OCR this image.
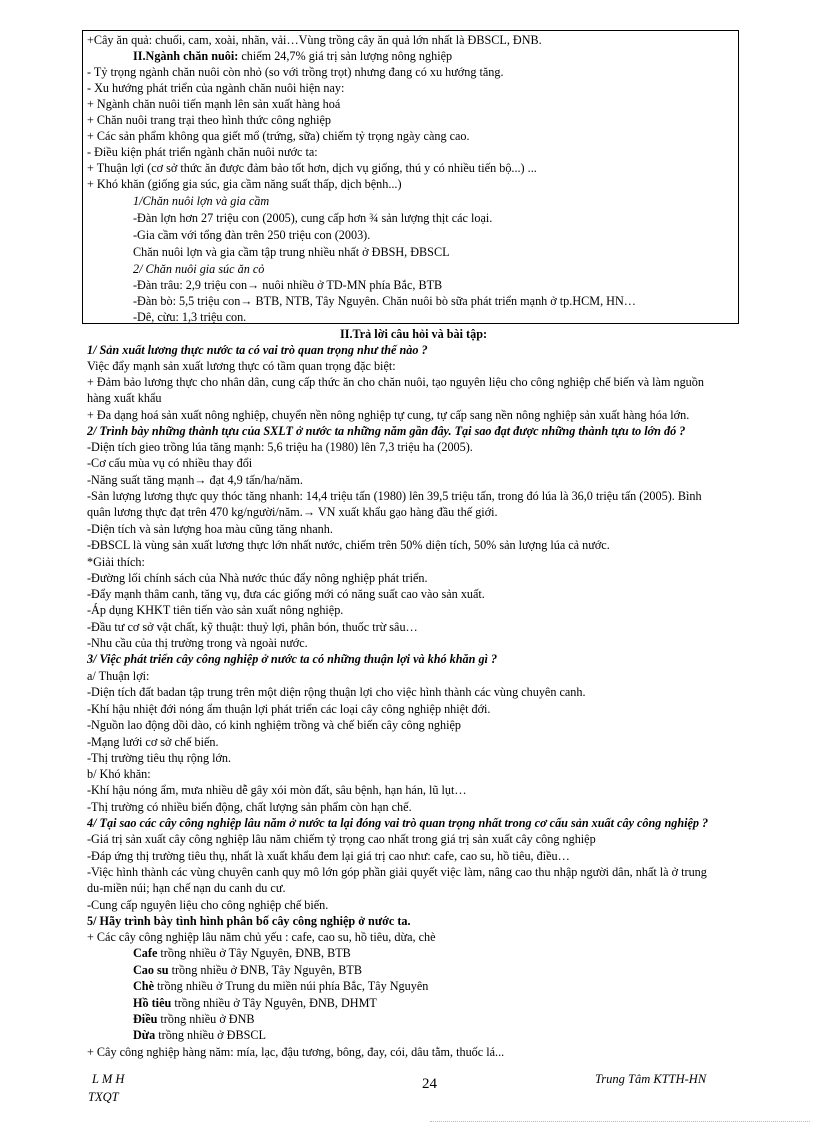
+Cây ăn quả: chuối, cam, xoài, nhãn, vải…Vùng trồng cây ăn quả lớn nhất là ĐBSCL, ĐNB.
II.Ngành chăn nuôi: chiếm 24,7% giá trị sản lượng nông nghiệp
- Tỷ trọng ngành chăn nuôi còn nhỏ (so với trồng trọt) nhưng đang có xu hướng tăng.
- Xu hướng phát triển của ngành chăn nuôi hiện nay:
+ Ngành chăn nuôi tiến mạnh lên sản xuất hàng hoá
+ Chăn nuôi trang trại theo hình thức công nghiệp
+ Các sản phẩm không qua giết mổ (trứng, sữa) chiếm tỷ trọng ngày càng cao.
- Điều kiện phát triển ngành chăn nuôi nước ta:
+ Thuận lợi (cơ sở thức ăn được đảm bảo tốt hơn, dịch vụ giống, thú y có nhiều tiến bộ...) ...
+ Khó khăn (giống gia súc, gia cầm năng suất thấp, dịch bệnh...)
1/Chăn nuôi lợn và gia cầm
-Đàn lợn hơn 27 triệu con (2005), cung cấp hơn ¾ sản lượng thịt các loại.
-Gia cầm với tổng đàn trên 250 triệu con (2003).
Chăn nuôi lợn và gia cầm tập trung nhiều nhất ở ĐBSH, ĐBSCL
2/ Chăn nuôi gia súc ăn cỏ
-Đàn trâu: 2,9 triệu con→ nuôi nhiều ở TD-MN phía Bắc, BTB
-Đàn bò: 5,5 triệu con→ BTB, NTB, Tây Nguyên. Chăn nuôi bò sữa phát triển mạnh ở tp.HCM, HN…
-Dê, cừu: 1,3 triệu con.
II.Trả lời câu hỏi và bài tập:
1/ Sản xuất lương thực nước ta có vai trò quan trọng như thế nào ?
Việc đẩy mạnh sản xuất lương thực có tầm quan trọng đặc biệt:
+ Đảm bảo lương thực cho nhân dân, cung cấp thức ăn cho chăn nuôi, tạo nguyên liệu cho công nghiệp chế biến và làm nguồn
hàng xuất khẩu
+ Đa dạng hoá sản xuất nông nghiệp, chuyển nền nông nghiệp tự cung, tự cấp sang nền nông nghiệp sản xuất hàng hóa lớn.
2/ Trình bày những thành tựu của SXLT ở nước ta những năm gần đây. Tại sao đạt được những thành tựu to lớn đó ?
-Diện tích gieo trồng lúa tăng mạnh: 5,6 triệu ha (1980) lên 7,3 triệu ha (2005).
-Cơ cấu mùa vụ có nhiều thay đổi
-Năng suất tăng mạnh→ đạt 4,9 tấn/ha/năm.
-Sản lượng lương thực quy thóc tăng nhanh: 14,4 triệu tấn (1980) lên 39,5 triệu tấn, trong đó lúa là 36,0 triệu tấn (2005). Bình
quân lương thực đạt trên 470 kg/người/năm.→ VN xuất khẩu gạo hàng đầu thế giới.
-Diện tích và sản lượng hoa màu cũng tăng nhanh.
-ĐBSCL là vùng sản xuất lương thực lớn nhất nước, chiếm trên 50% diện tích, 50% sản lượng lúa cả nước.
*Giải thích:
-Đường lối chính sách của Nhà nước thúc đẩy nông nghiệp phát triển.
-Đẩy mạnh thâm canh, tăng vụ, đưa các giống mới có năng suất cao vào sản xuất.
-Áp dụng KHKT tiên tiến vào sản xuất nông nghiệp.
-Đầu tư cơ sở vật chất, kỹ thuật: thuỷ lợi, phân bón, thuốc trừ sâu…
-Nhu cầu của thị trường trong và ngoài nước.
3/ Việc phát triển cây công nghiệp ở nước ta có những thuận lợi và khó khăn gì ?
a/ Thuận lợi:
-Diện tích đất badan tập trung trên một diện rộng thuận lợi cho việc hình thành các vùng chuyên canh.
-Khí hậu nhiệt đới nóng ẩm thuận lợi phát triển các loại cây công nghiệp nhiệt đới.
-Nguồn lao động dồi dào, có kinh nghiệm trồng và chế biến cây công nghiệp
-Mạng lưới cơ sở chế biến.
-Thị trường tiêu thụ rộng lớn.
b/ Khó khăn:
-Khí hậu nóng ẩm, mưa nhiều dễ gây xói mòn đất, sâu bệnh, hạn hán, lũ lụt…
-Thị trường có nhiều biến động, chất lượng sản phẩm còn hạn chế.
4/ Tại sao các cây công nghiệp lâu năm ở nước ta lại đóng vai trò quan trọng nhất trong cơ cấu sản xuất cây công nghiệp ?
-Giá trị sản xuất cây công nghiệp lâu năm chiếm tỷ trọng cao nhất trong giá trị sản xuất cây công nghiệp
-Đáp ứng thị trường tiêu thụ, nhất là xuất khẩu đem lại giá trị cao như: cafe, cao su, hồ tiêu, điều…
-Việc hình thành các vùng chuyên canh quy mô lớn góp phần giải quyết việc làm, nâng cao thu nhập người dân, nhất là ở trung
du-miền núi; hạn chế nạn du canh du cư.
-Cung cấp nguyên liệu cho công nghiệp chế biến.
5/ Hãy trình bày tình hình phân bố cây công nghiệp ở nước ta.
+ Các cây công nghiệp lâu năm chủ yếu : cafe, cao su, hồ tiêu, dừa, chè
Cafe trồng nhiều ở Tây Nguyên, ĐNB, BTB
Cao su trồng nhiều ở ĐNB, Tây Nguyên, BTB
Chè trồng nhiều ở Trung du miền núi phía Bắc, Tây Nguyên
Hồ tiêu trồng nhiều ở Tây Nguyên, ĐNB, DHMT
Điều trồng nhiều ở ĐNB
Dừa trồng nhiều ở ĐBSCL
+ Cây công nghiệp hàng năm: mía, lạc, đậu tương, bông, đay, cói, dâu tằm, thuốc lá...
L M H
TXQT
24	Trung Tâm KTTH-HN
